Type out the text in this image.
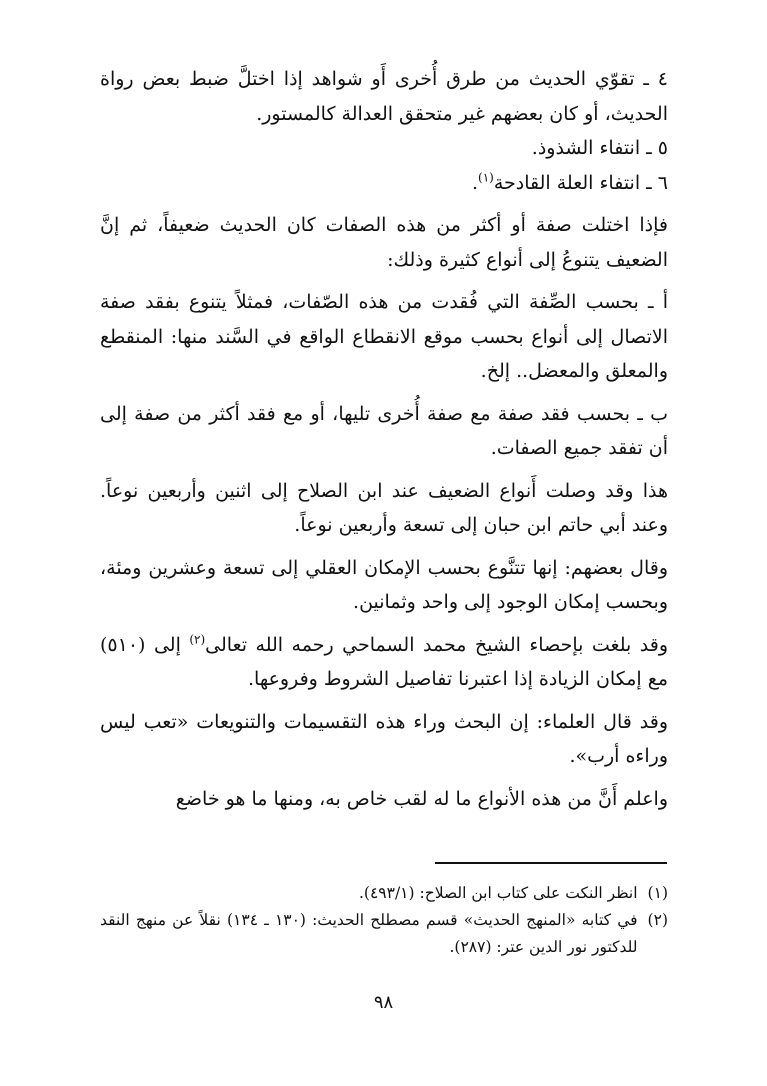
٤ ـ تقوّي الحديث من طرق أُخرى أَو شواهد إذا اختلَّ ضبط بعض رواة الحديث، أو كان بعضهم غير متحقق العدالة كالمستور.

٥ ـ انتفاء الشذوذ.

٦ ـ انتفاء العلة القادحة$^{(١)}$.

فإذا اختلت صفة أو أكثر من هذه الصفات كان الحديث ضعيفاً، ثم إنَّ الضعيف يتنوعُ إلى أنواع كثيرة وذلك:

أ ـ بحسب الصِّفة التي فُقدت من هذه الصّفات، فمثلاً يتنوع بفقد صفة الاتصال إلى أنواع بحسب موقع الانقطاع الواقع في السَّند منها: المنقطع والمعلق والمعضل.. إلخ.

ب ـ بحسب فقد صفة مع صفة أُخرى تليها، أو مع فقد أكثر من صفة إلى أن تفقد جميع الصفات.

هذا وقد وصلت أَنواع الضعيف عند ابن الصلاح إلى اثنين وأربعين نوعاً. وعند أبي حاتم ابن حبان إلى تسعة وأربعين نوعاً.

وقال بعضهم: إنها تتنَّوع بحسب الإمكان العقلي إلى تسعة وعشرين ومئة، وبحسب إمكان الوجود إلى واحد وثمانين.

وقد بلغت بإحصاء الشيخ محمد السماحي رحمه الله تعالى$^{(٢)}$ إلى (٥١٠) مع إمكان الزيادة إذا اعتبرنا تفاصيل الشروط وفروعها.

وقد قال العلماء: إن البحث وراء هذه التقسيمات والتنويعات «تعب ليس وراءه أرب».

واعلم أَنَّ من هذه الأنواع ما له لقب خاص به، ومنها ما هو خاضع

(١)
انظر النكت على كتاب ابن الصلاح: (٤٩٣/١).

(٢)
في كتابه «المنهج الحديث» قسم مصطلح الحديث: (١٣٠ ـ ١٣٤) نقلاً عن منهج النقد للدكتور نور الدين عتر: (٢٨٧).

٩٨
